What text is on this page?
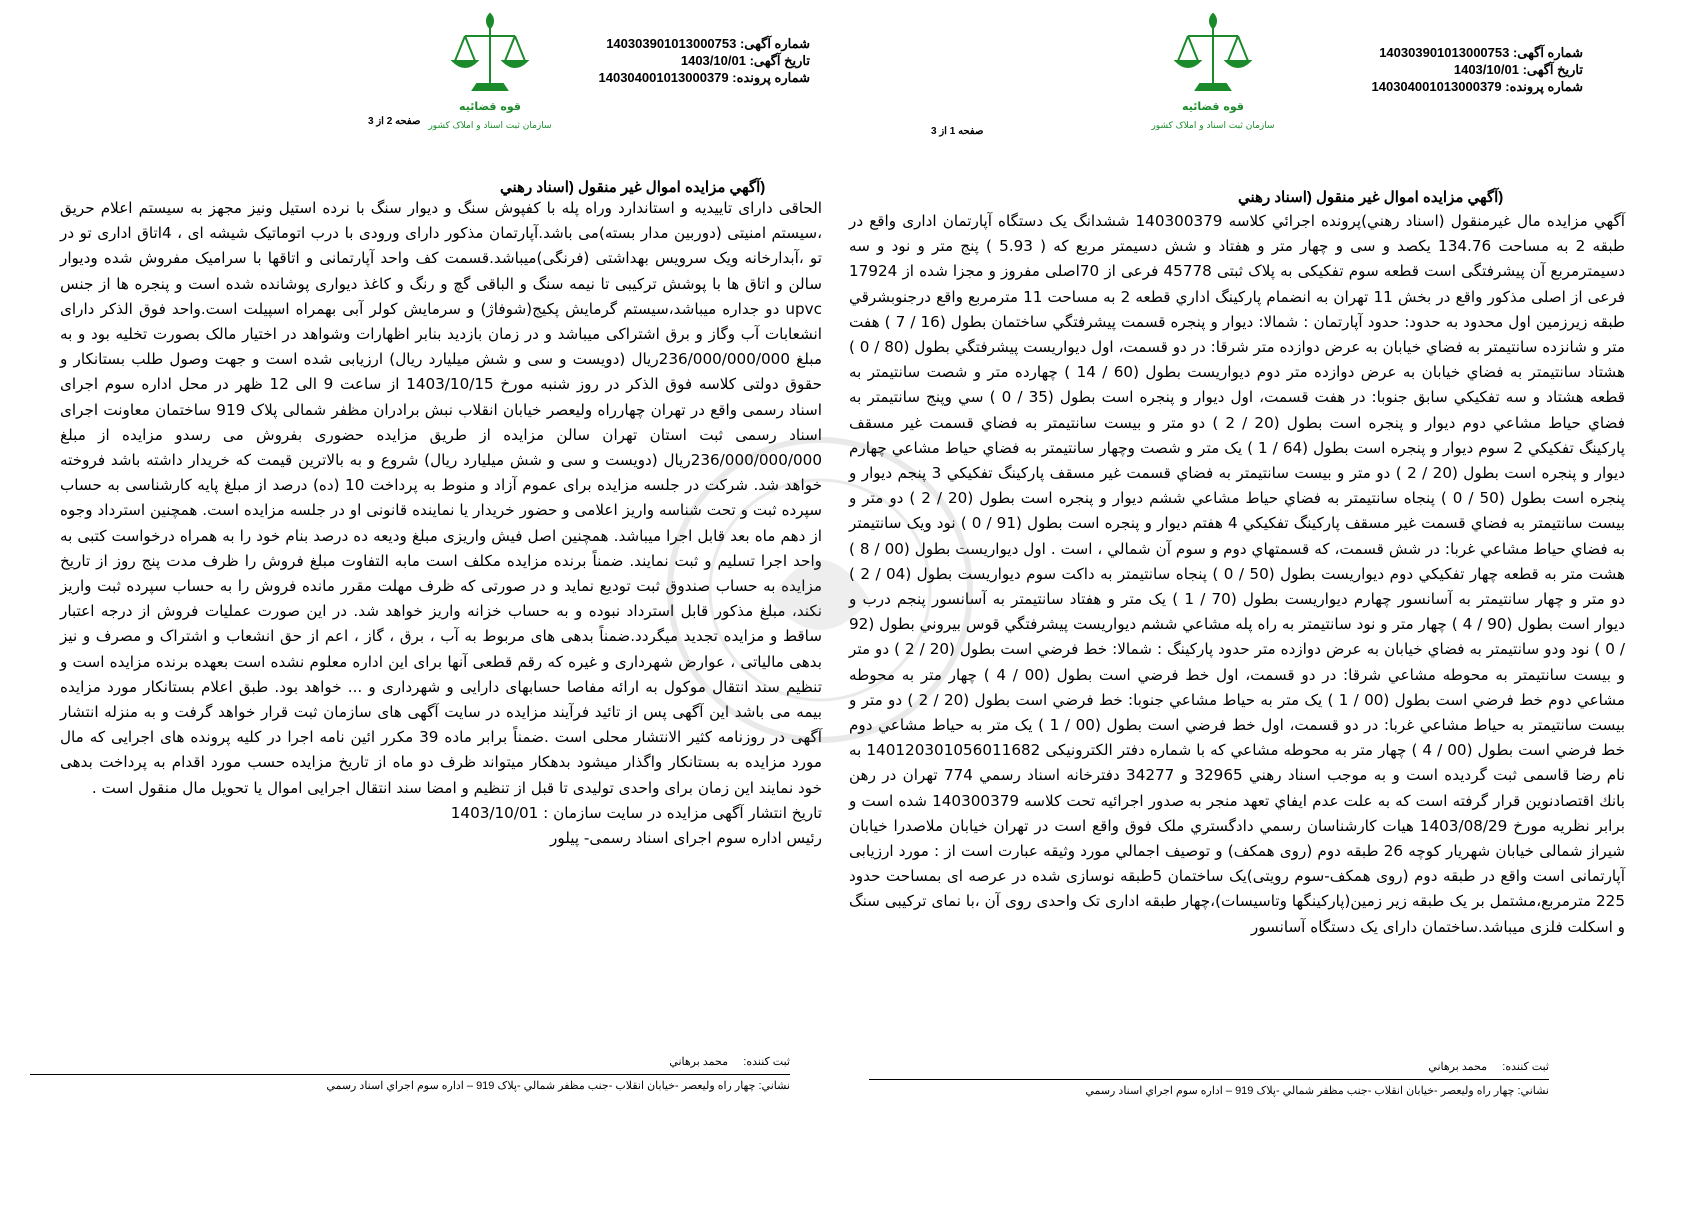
شماره آگهی: 140303901013000753
تاریخ آگهی: 1403/10/01
شماره پرونده: 140304001013000379
قوه قضائیه
سازمان ثبت اسناد و املاک کشور
صفحه 2 از 3
(آگهي مزايده اموال غير منقول (اسناد رهني

الحاقی دارای تاییدیه و استاندارد وراه پله با کفپوش سنگ و دیوار سنگ با نرده استیل ونیز مجهز به سیستم اعلام حریق ،سیستم امنیتی (دوربین مدار بسته)می باشد.آپارتمان مذکور دارای ورودی با درب اتوماتیک شیشه ای ، 4اتاق اداری تو در تو ،آبدارخانه ویک سرویس بهداشتی (فرنگی)میباشد.قسمت کف واحد آپارتمانی و اتاقها با سرامیک مفروش شده ودیوار سالن و اتاق ها با پوشش ترکیبی تا نیمه سنگ و الباقی گچ و رنگ و کاغذ دیواری پوشانده شده است و پنجره ها از جنس upvc دو جداره میباشد،سیستم گرمایش پکیج(شوفاژ) و سرمایش کولر آبی بهمراه اسپیلت است.واحد فوق الذکر دارای انشعابات آب وگاز و برق اشتراکی میباشد و در زمان بازدید بنابر اظهارات وشواهد در اختیار مالک بصورت تخلیه بود و به مبلغ 236/000/000/000ريال (دويست و سی و شش میلیارد ریال) ارزیابی شده است و جهت وصول طلب بستانکار و حقوق دولتی کلاسه فوق الذکر در روز شنبه مورخ 1403/10/15 از ساعت 9 الی 12 ظهر در محل اداره سوم اجرای اسناد رسمی واقع در تهران چهارراه ولیعصر خیابان انقلاب نبش برادران مظفر شمالی پلاک 919 ساختمان معاونت اجرای اسناد رسمی ثبت استان تهران سالن مزایده از طریق مزایده حضوری بفروش می رسدو مزایده از مبلغ 236/000/000/000ريال (دويست و سی و شش میلیارد ریال) شروع و به بالاترین قیمت که خریدار داشته باشد فروخته خواهد شد. شرکت در جلسه مزایده برای عموم آزاد و منوط به پرداخت 10 (ده) درصد از مبلغ پایه کارشناسی به حساب سپرده ثبت و تحت شناسه واریز اعلامی و حضور خریدار یا نماینده قانونی او در جلسه مزایده است. همچنین استرداد وجوه از دهم ماه بعد قابل اجرا میباشد. همچنین اصل فیش واریزی مبلغ ودیعه ده درصد بنام خود را به همراه درخواست کتبی به واحد اجرا تسلیم و ثبت نمایند. ضمناً برنده مزایده مکلف است مابه التفاوت مبلغ فروش را ظرف مدت پنج روز از تاریخ مزایده به حساب صندوق ثبت تودیع نماید و در صورتی که ظرف مهلت مقرر مانده فروش را به حساب سپرده ثبت واریز نکند، مبلغ مذکور قابل استرداد نبوده و به حساب خزانه واریز خواهد شد. در این صورت عملیات فروش از درجه اعتبار ساقط و مزایده تجدید میگردد.ضمناً بدهی های مربوط به آب ، برق ، گاز ، اعم از حق انشعاب و اشتراک و مصرف و نیز بدهی مالیاتی ، عوارض شهرداری و غیره که رقم قطعی آنها برای این اداره معلوم نشده است بعهده برنده مزایده است و تنظیم سند انتقال موکول به ارائه مفاصا حسابهای دارایی و شهرداری و ... خواهد بود. طبق اعلام بستانکار مورد مزایده بیمه می باشد این آگهی پس از تائید فرآیند مزایده در سایت آگهی های سازمان ثبت قرار خواهد گرفت و به منزله انتشار آگهی در روزنامه کثیر الانتشار محلی است .ضمناً برابر ماده 39 مکرر ائین نامه اجرا در کلیه پرونده های اجرایی که مال مورد مزایده به بستانکار واگذار میشود بدهکار میتواند ظرف دو ماه از تاریخ مزایده حسب مورد اقدام به پرداخت بدهی خود نمایند این زمان برای واحدی تولیدی تا قبل از تنظیم و امضا سند انتقال اجرایی اموال یا تحویل مال منقول است .

تاریخ انتشار آگهی مزایده در سایت سازمان : 1403/10/01

رئیس اداره سوم اجرای اسناد رسمی- پیلور

ثبت کننده:     محمد برهاني
نشاني: چهار راه وليعصر -خيابان انقلاب -جنب مظفر شمالي -پلاک 919 – اداره سوم اجراي اسناد رسمي
شماره آگهی: 140303901013000753
تاریخ آگهی: 1403/10/01
شماره پرونده: 140304001013000379
قوه قضائیه
سازمان ثبت اسناد و املاک کشور
صفحه 1 از 3
(آگهي مزايده اموال غير منقول (اسناد رهني

آگهي مزايده مال غيرمنقول (اسناد رهني)پرونده اجرائي كلاسه 140300379 ششدانگ یک دستگاه آپارتمان اداری واقع در طبقه 2 به مساحت 134.76 یکصد و سی و چهار متر و هفتاد و شش دسيمتر مربع که ( 5.93 ) پنج متر و نود و سه دسیمترمربع آن پیشرفتگی است قطعه سوم تفکیکی به پلاک ثبتی 45778 فرعی از 70اصلی مفروز و مجزا شده از 17924 فرعی از اصلی مذکور واقع در بخش 11 تهران به انضمام پارکینگ اداري قطعه 2 به مساحت 11 مترمربع واقع درجنوبشرقي طبقه زيرزمين اول محدود به حدود: حدود آپارتمان : شمالا: دیوار و پنجره قسمت پیشرفتگي ساختمان بطول (16 / 7 ) هفت متر و شانزده سانتیمتر به فضاي خیابان به عرض دوازده متر شرقا: در دو قسمت، اول دیواريست پیشرفتگي بطول (80 / 0 ) هشتاد سانتیمتر به فضاي خیابان به عرض دوازده متر دوم دیواريست بطول (60 / 14 ) چهارده متر و شصت سانتیمتر به قطعه هشتاد و سه تفکيكي سابق جنوبا: در هفت قسمت، اول دیوار و پنجره است بطول (35 / 0 ) سي وپنج سانتیمتر به فضاي حیاط مشاعي دوم دیوار و پنجره است بطول (20 / 2 ) دو متر و بیست سانتیمتر به فضاي قسمت غير مسقف پارکینگ تفکيكي 2 سوم دیوار و پنجره است بطول (64 / 1 ) یک متر و شصت وچهار سانتیمتر به فضاي حیاط مشاعي چهارم دیوار و پنجره است بطول (20 / 2 ) دو متر و بیست سانتیمتر به فضاي قسمت غير مسقف پارکینگ تفکيكي 3 پنجم دیوار و پنجره است بطول (50 / 0 ) پنجاه سانتیمتر به فضاي حیاط مشاعي ششم دیوار و پنجره است بطول (20 / 2 ) دو متر و بیست سانتیمتر به فضاي قسمت غير مسقف پارکینگ تفکيكي 4 هفتم دیوار و پنجره است بطول (91 / 0 ) نود ويک سانتیمتر به فضاي حیاط مشاعي غربا: در شش قسمت، كه قسمتهاي دوم و سوم آن شمالي ، است . اول دیواريست بطول (00 / 8 ) هشت متر به قطعه چهار تفکيكي دوم دیواريست بطول (50 / 0 ) پنجاه سانتیمتر به داكت سوم دیواريست بطول (04 / 2 ) دو متر و چهار سانتیمتر به آسانسور چهارم دیواريست بطول (70 / 1 ) یک متر و هفتاد سانتیمتر به آسانسور پنجم درب و دیوار است بطول (90 / 4 ) چهار متر و نود سانتیمتر به راه پله مشاعي ششم دیواريست پیشرفتگي قوس بيروني بطول (92 / 0 ) نود ودو سانتیمتر به فضاي خیابان به عرض دوازده متر حدود پاركينگ : شمالا: خط فرضي است بطول (20 / 2 ) دو متر و بیست سانتیمتر به محوطه مشاعي شرقا: در دو قسمت، اول خط فرضي است بطول (00 / 4 ) چهار متر به محوطه مشاعي دوم خط فرضي است بطول (00 / 1 ) یک متر به حیاط مشاعي جنوبا: خط فرضي است بطول (20 / 2 ) دو متر و بیست سانتیمتر به حیاط مشاعي غربا: در دو قسمت، اول خط فرضي است بطول (00 / 1 ) یک متر به حیاط مشاعي دوم خط فرضي است بطول (00 / 4 ) چهار متر به محوطه مشاعي كه با شماره دفتر الکترونیکی 140120301056011682 به نام رضا قاسمی ثبت گردیده است و به موجب اسناد رهني 32965 و 34277 دفترخانه اسناد رسمي 774 تهران در رهن بانك اقتصادنوين قرار گرفته است كه به علت عدم ايفاي تعهد منجر به صدور اجرائيه تحت كلاسه 140300379 شده است و برابر نظريه مورخ 1403/08/29 هيات كارشناسان رسمي دادگستري ملک فوق واقع است در تهران خیابان ملاصدرا خیابان شیراز شمالی خیابان شهریار کوچه 26 طبقه دوم (روی همکف) و توصیف اجمالي مورد وثیقه عبارت است از : مورد ارزیابی آپارتمانی است واقع در طبقه دوم (روی همکف-سوم رویتی)یک ساختمان 5طبقه نوسازی شده در عرصه ای بمساحت حدود 225 مترمربع،مشتمل بر یک طبقه زیر زمین(پارکینگها وتاسیسات)،چهار طبقه اداری تک واحدی روی آن ،با نمای ترکیبی سنگ و اسکلت فلزی میباشد.ساختمان دارای یک دستگاه آسانسور

ثبت کننده:     محمد برهاني
نشاني: چهار راه وليعصر -خيابان انقلاب -جنب مظفر شمالي -پلاک 919 – اداره سوم اجراي اسناد رسمي
